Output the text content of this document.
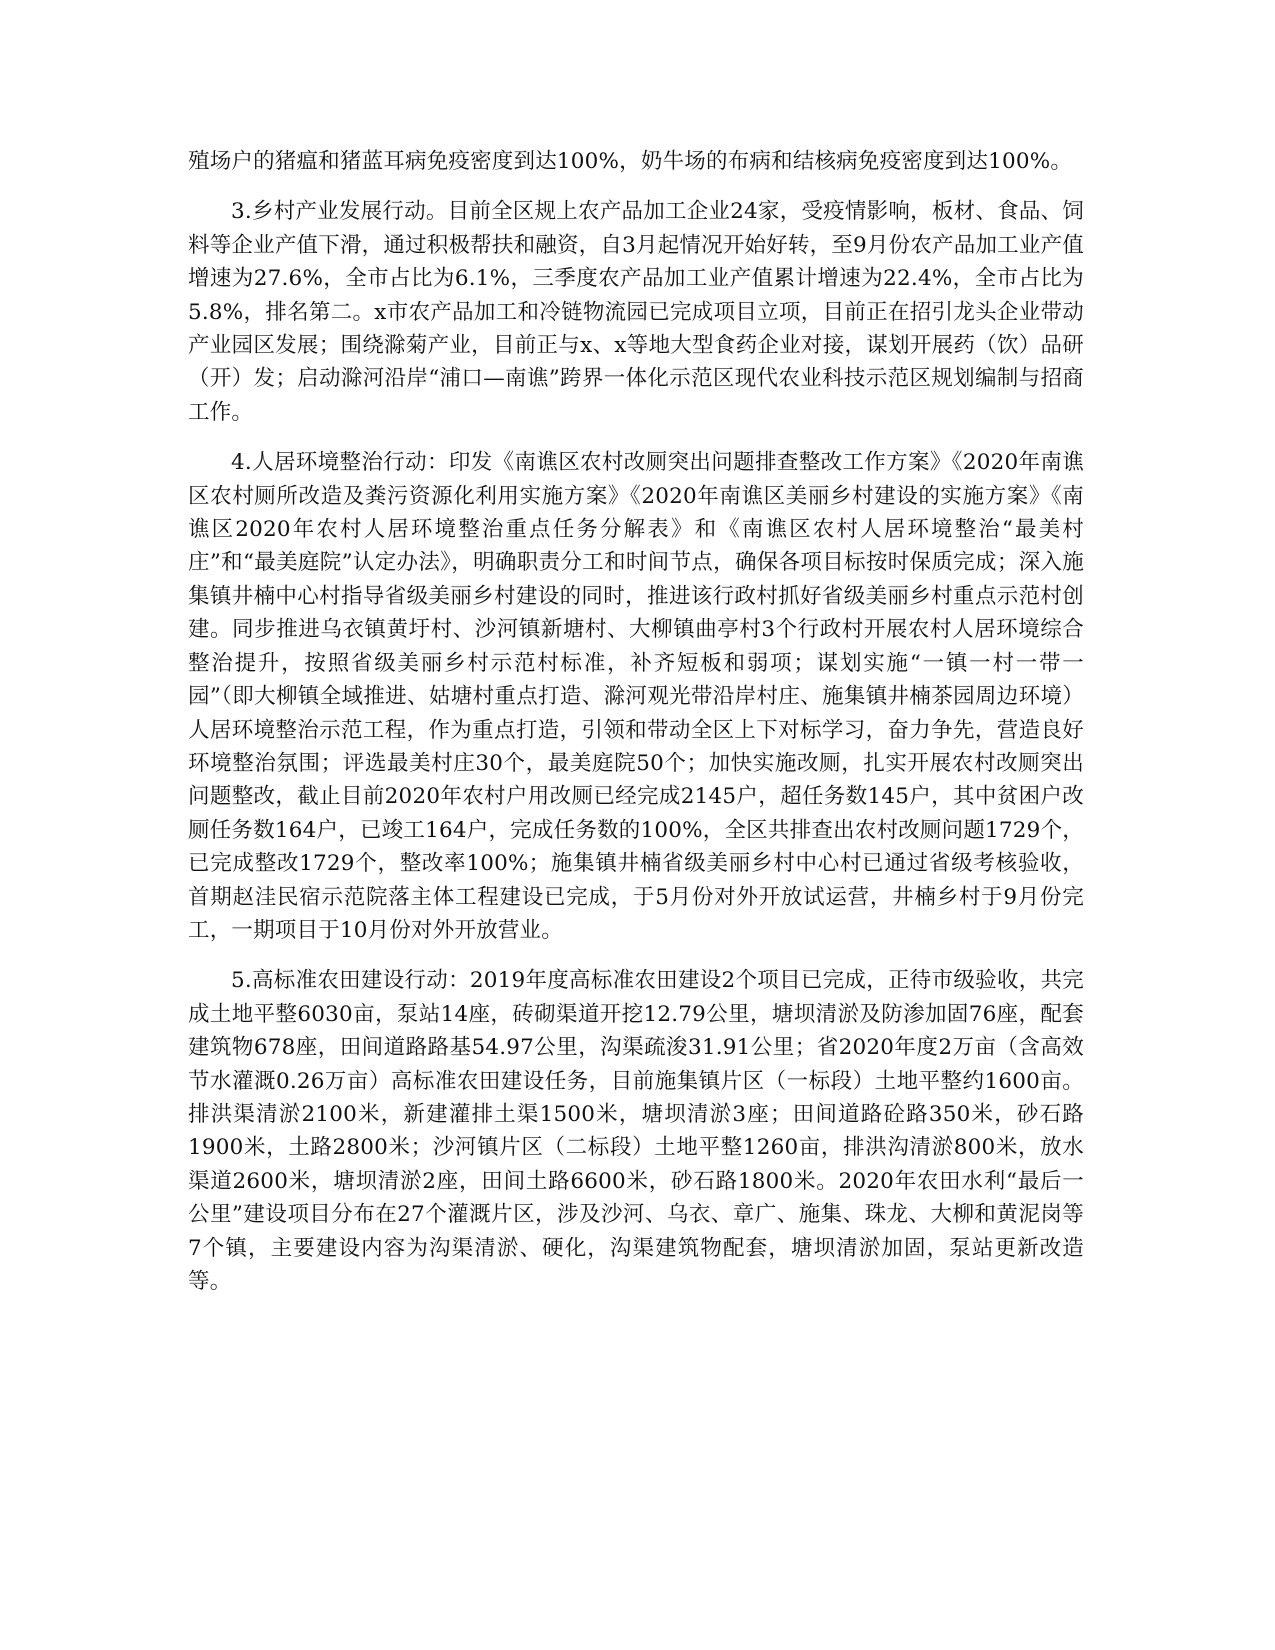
殖场户的猪瘟和猪蓝耳病免疫密度到达100%，奶牛场的布病和结核病免疫密度到达100%。

3.乡村产业发展行动。目前全区规上农产品加工企业24家，受疫情影响，板材、食品、饲料等企业产值下滑，通过积极帮扶和融资，自3月起情况开始好转，至9月份农产品加工业产值增速为27.6%，全市占比为6.1%，三季度农产品加工业产值累计增速为22.4%，全市占比为5.8%，排名第二。x市农产品加工和冷链物流园已完成项目立项，目前正在招引龙头企业带动产业园区发展；围绕滁菊产业，目前正与x、x等地大型食药企业对接，谋划开展药（饮）品研（开）发；启动滁河沿岸“浦口—南谯”跨界一体化示范区现代农业科技示范区规划编制与招商工作。

4.人居环境整治行动：印发《南谯区农村改厕突出问题排查整改工作方案》《2020年南谯区农村厕所改造及粪污资源化利用实施方案》《2020年南谯区美丽乡村建设的实施方案》《南谯区2020年农村人居环境整治重点任务分解表》和《南谯区农村人居环境整治“最美村庄”和“最美庭院”认定办法》，明确职责分工和时间节点，确保各项目标按时保质完成；深入施集镇井楠中心村指导省级美丽乡村建设的同时，推进该行政村抓好省级美丽乡村重点示范村创建。同步推进乌衣镇黄圩村、沙河镇新塘村、大柳镇曲亭村3个行政村开展农村人居环境综合整治提升，按照省级美丽乡村示范村标准，补齐短板和弱项；谋划实施“一镇一村一带一园”（即大柳镇全域推进、姑塘村重点打造、滁河观光带沿岸村庄、施集镇井楠茶园周边环境）人居环境整治示范工程，作为重点打造，引领和带动全区上下对标学习，奋力争先，营造良好环境整治氛围；评选最美村庄30个，最美庭院50个；加快实施改厕，扎实开展农村改厕突出问题整改，截止目前2020年农村户用改厕已经完成2145户，超任务数145户，其中贫困户改厕任务数164户，已竣工164户，完成任务数的100%，全区共排查出农村改厕问题1729个，已完成整改1729个，整改率100%；施集镇井楠省级美丽乡村中心村已通过省级考核验收，首期赵洼民宿示范院落主体工程建设已完成，于5月份对外开放试运营，井楠乡村于9月份完工，一期项目于10月份对外开放营业。

5.高标准农田建设行动：2019年度高标准农田建设2个项目已完成，正待市级验收，共完成土地平整6030亩，泵站14座，砖砌渠道开挖12.79公里，塘坝清淤及防渗加固76座，配套建筑物678座，田间道路路基54.97公里，沟渠疏浚31.91公里；省2020年度2万亩（含高效节水灌溉0.26万亩）高标准农田建设任务，目前施集镇片区（一标段）土地平整约1600亩。排洪渠清淤2100米，新建灌排土渠1500米，塘坝清淤3座；田间道路砼路350米，砂石路1900米，土路2800米；沙河镇片区（二标段）土地平整1260亩，排洪沟清淤800米，放水渠道2600米，塘坝清淤2座，田间土路6600米，砂石路1800米。2020年农田水利“最后一公里”建设项目分布在27个灌溉片区，涉及沙河、乌衣、章广、施集、珠龙、大柳和黄泥岗等7个镇，主要建设内容为沟渠清淤、硬化，沟渠建筑物配套，塘坝清淤加固，泵站更新改造等。
